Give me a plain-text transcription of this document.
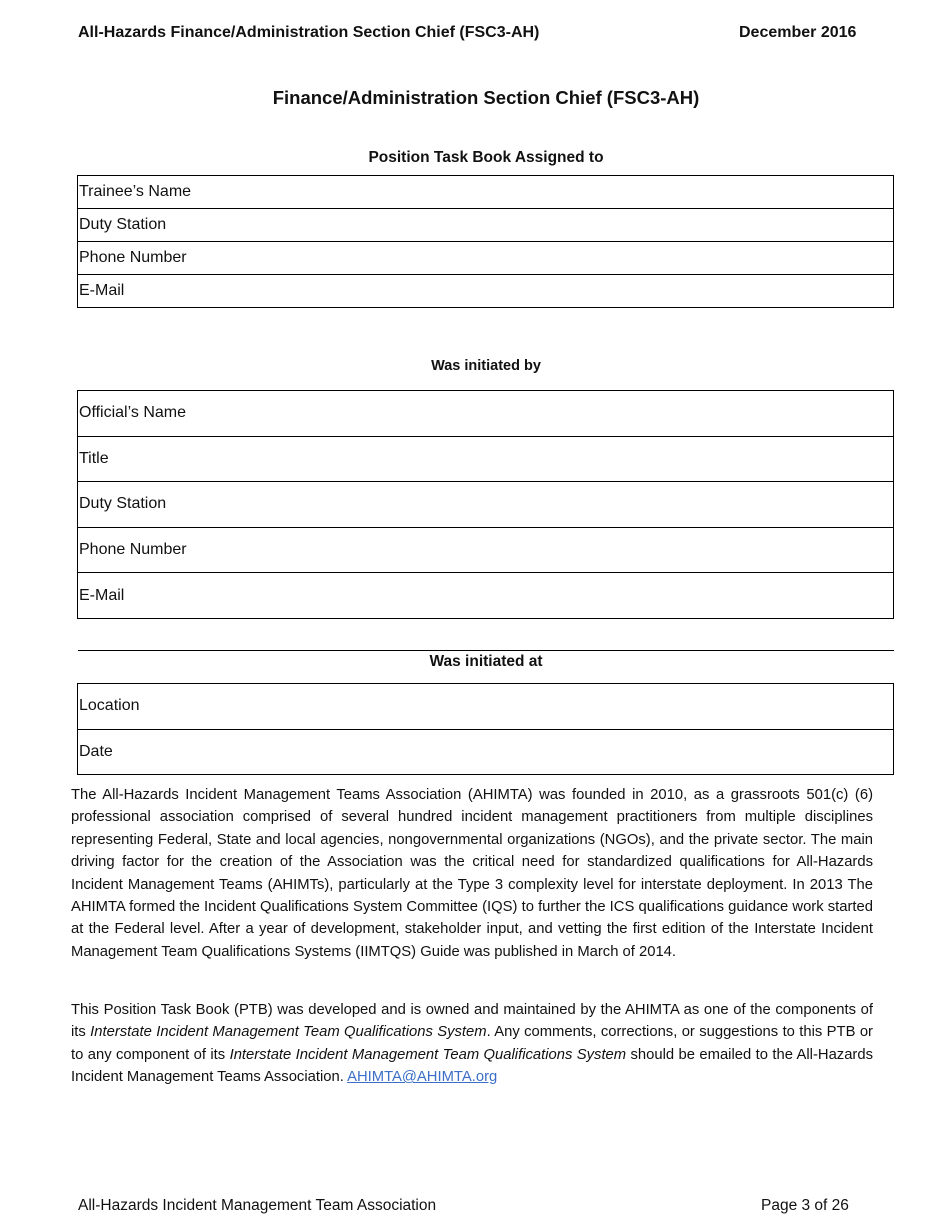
All-Hazards Finance/Administration Section Chief (FSC3-AH)	December 2016
Finance/Administration Section Chief (FSC3-AH)
Position Task Book Assigned to
Trainee’s Name
Duty Station
Phone Number
E-Mail
Was initiated by
Official’s Name
Title
Duty Station
Phone Number
E-Mail
Was initiated at
Location
Date

The All-Hazards Incident Management Teams Association (AHIMTA) was founded in 2010, as a grassroots 501(c) (6) professional association comprised of several hundred incident management practitioners from multiple disciplines representing Federal, State and local agencies, nongovernmental organizations (NGOs), and the private sector. The main driving factor for the creation of the Association was the critical need for standardized qualifications for All-Hazards Incident Management Teams (AHIMTs), particularly at the Type 3 complexity level for interstate deployment. In 2013 The AHIMTA formed the Incident Qualifications System Committee (IQS) to further the ICS qualifications guidance work started at the Federal level. After a year of development, stakeholder input, and vetting the first edition of the Interstate Incident Management Team Qualifications Systems (IIMTQS) Guide was published in March of 2014.

This Position Task Book (PTB) was developed and is owned and maintained by the AHIMTA as one of the components of its Interstate Incident Management Team Qualifications System. Any comments, corrections, or suggestions to this PTB or to any component of its Interstate Incident Management Team Qualifications System should be emailed to the All-Hazards Incident Management Teams Association. AHIMTA@AHIMTA.org

All-Hazards Incident Management Team Association	Page 3 of 26
